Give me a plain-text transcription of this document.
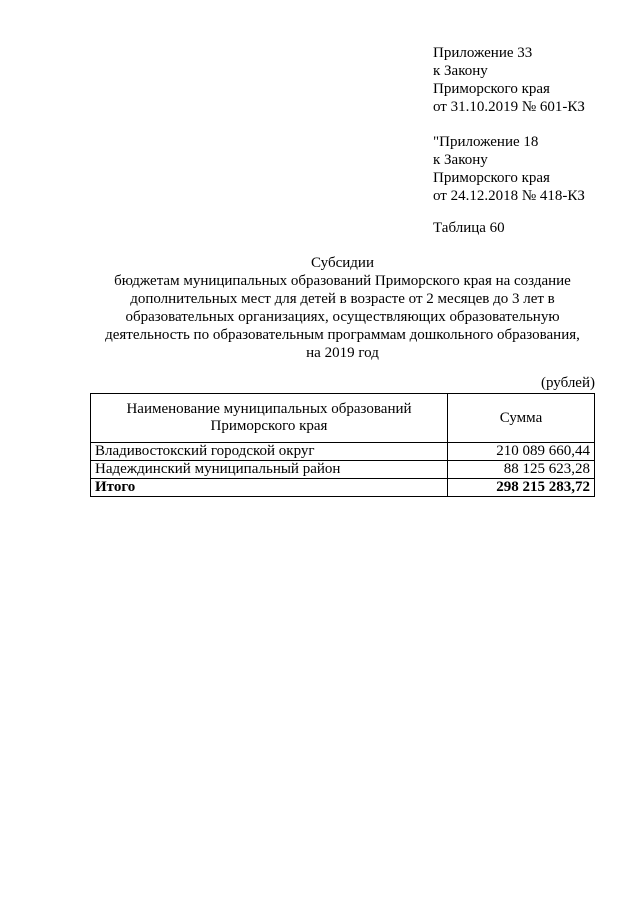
Приложение 33
к Закону
Приморского края
от 31.10.2019 № 601-КЗ
"Приложение 18
к Закону
Приморского края
от 24.12.2018 № 418-КЗ
Таблица 60
Субсидии
бюджетам муниципальных образований Приморского края на создание
дополнительных мест для детей в возрасте от 2 месяцев до 3 лет в
образовательных организациях, осуществляющих образовательную
деятельность по образовательным программам дошкольного образования,
на 2019 год
(рублей)
Наименование муниципальных образований
Приморского края	Сумма
Владивостокский городской округ	210 089 660,44
Надеждинский муниципальный район	88 125 623,28
Итого	298 215 283,72
